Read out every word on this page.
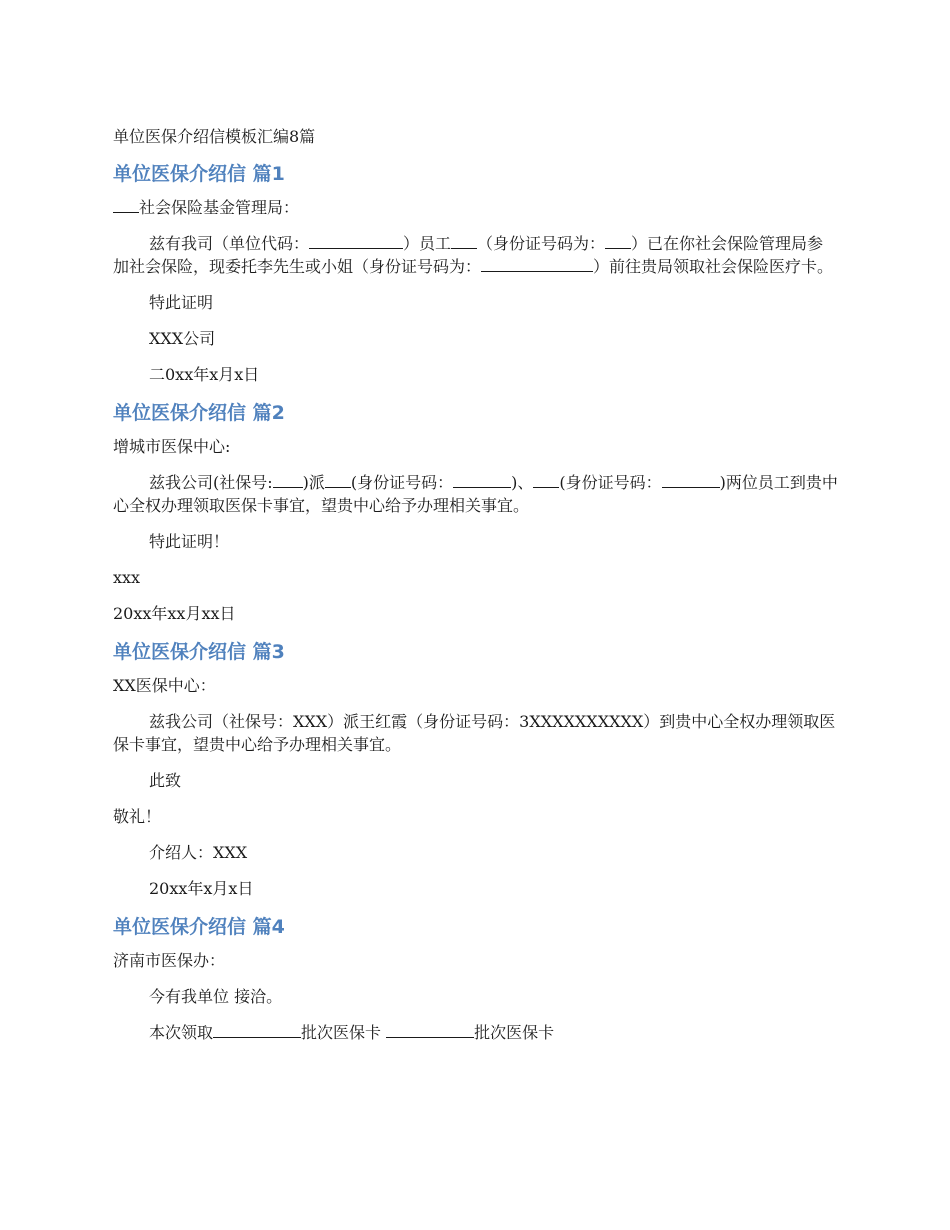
单位医保介绍信模板汇编8篇
单位医保介绍信 篇1
社会保险基金管理局：
兹有我司（单位代码：	）员工 （身份证号码为： ）已在你社会保险管理局参加社会保险，现委托李先生或小姐（身份证号码为：	）前往贵局领取社会保险医疗卡。
特此证明
XXX公司
二0xx年x月x日
单位医保介绍信 篇2
增城市医保中心:
兹我公司(社保号: )派 (身份证号码：	)、 (身份证号码：	)两位员工到贵中心全权办理领取医保卡事宜，望贵中心给予办理相关事宜。
特此证明！
xxx
20xx年xx月xx日
单位医保介绍信 篇3
XX医保中心：
兹我公司（社保号：XXX）派王红霞（身份证号码：3XXXXXXXXXX）到贵中心全权办理领取医保卡事宜，望贵中心给予办理相关事宜。
此致
敬礼！
介绍人：XXX
20xx年x月x日
单位医保介绍信 篇4
济南市医保办：
今有我单位 接洽。
本次领取	批次医保卡	批次医保卡
